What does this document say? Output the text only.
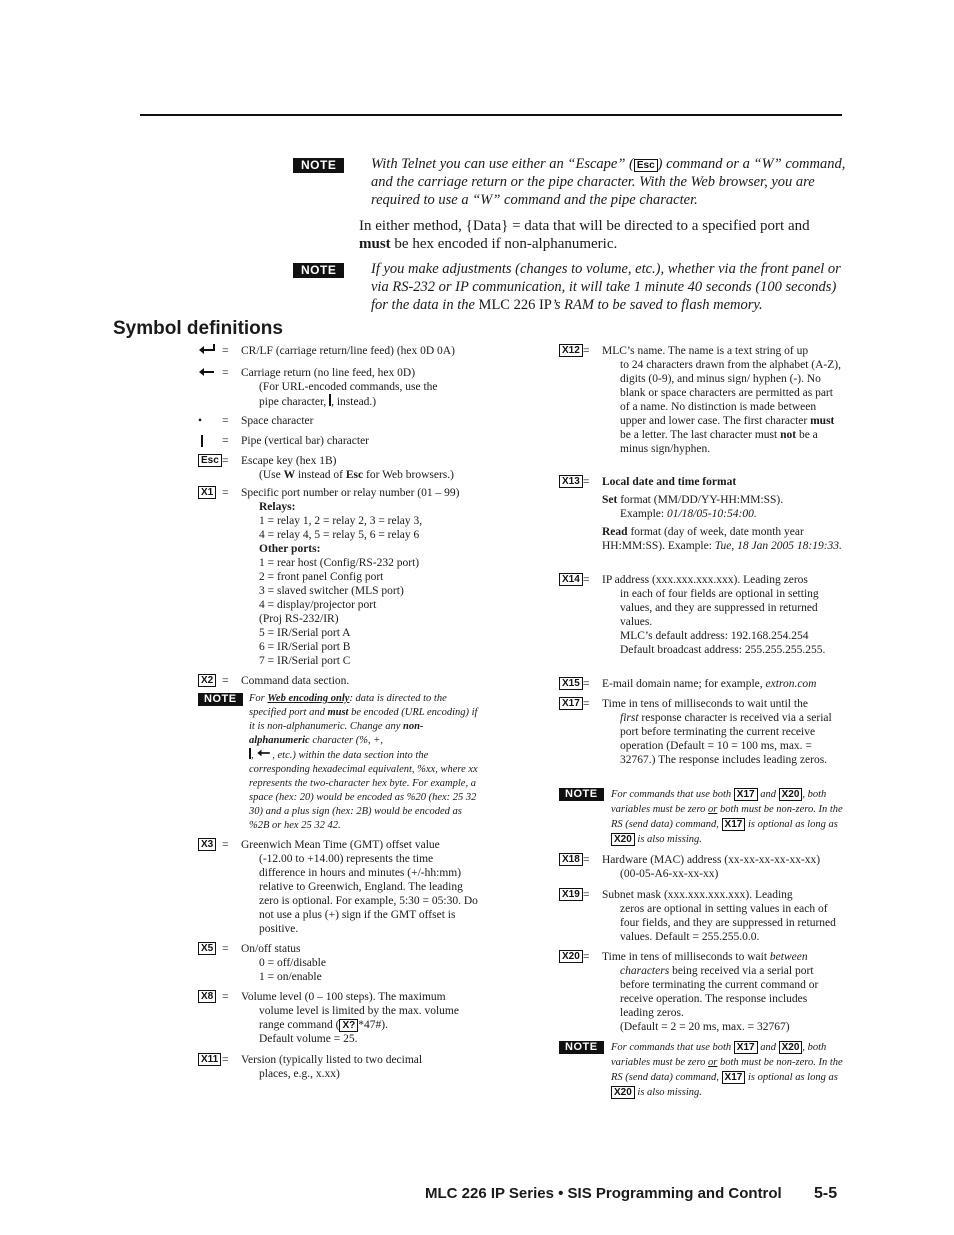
NOTE	With Telnet you can use either an “Escape” ( Esc ) command or a “W” command, and the carriage return or the pipe character. With the Web browser, you are required to use a “W” command and the pipe character.
In either method, {Data} = data that will be directed to a specified port and must be hex encoded if non-alphanumeric.
NOTE	If you make adjustments (changes to volume, etc.), whether via the front panel or via RS-232 or IP communication, it will take 1 minute 40 seconds (100 seconds) for the data in the MLC 226 IP’s RAM to be saved to flash memory.
Symbol definitions
= CR/LF (carriage return/line feed) (hex 0D 0A)
= Carriage return (no line feed, hex 0D)
(For URL-encoded commands, use the
pipe character, , instead.)
• = Space character
= Pipe (vertical bar) character
Esc = Escape key (hex 1B)
(Use W instead of Esc for Web browsers.)
X1 = Specific port number or relay number (01 – 99)
Relays:
1 = relay 1, 2 = relay 2, 3 = relay 3,
4 = relay 4, 5 = relay 5, 6 = relay 6
Other ports:
1 = rear host (Config/RS-232 port)
2 = front panel Config port
3 = slaved switcher (MLS port)
4 = display/projector port
(Proj RS-232/IR)
5 = IR/Serial port A
6 = IR/Serial port B
7 = IR/Serial port C
X2 = Command data section.
NOTE	For Web encoding only: data is directed to the specified port and must be encoded (URL encoding) if it is non-alphanumeric. Change any non-alphanumeric character (%, +,
, , etc.) within the data section into the corresponding hexadecimal equivalent, %xx, where xx represents the two-character hex byte. For example, a space (hex: 20) would be encoded as %20 (hex: 25 32 30) and a plus sign (hex: 2B) would be encoded as %2B or hex 25 32 42.
X3 = Greenwich Mean Time (GMT) offset value
(-12.00 to +14.00) represents the time difference in hours and minutes (+/-hh:mm) relative to Greenwich, England. The leading zero is optional. For example, 5:30 = 05:30. Do not use a plus (+) sign if the GMT offset is positive.
X5 = On/off status
0 = off/disable
1 = on/enable
X8 = Volume level (0 – 100 steps). The maximum
volume level is limited by the max. volume range command ( X? *47#).
Default volume = 25.
X11 = Version (typically listed to two decimal
places, e.g., x.xx)
X12 = MLC’s name. The name is a text string of up
to 24 characters drawn from the alphabet (A-Z), digits (0-9), and minus sign/ hyphen (-). No blank or space characters are permitted as part of a name. No distinction is made between upper and lower case. The first character must be a letter. The last character must not be a minus sign/hyphen.
X13 = Local date and time format
Set format (MM/DD/YY-HH:MM:SS).
Example: 01/18/05-10:54:00.
Read format (day of week, date month year HH:MM:SS). Example: Tue, 18 Jan 2005 18:19:33.
X14 = IP address (xxx.xxx.xxx.xxx). Leading zeros
in each of four fields are optional in setting values, and they are suppressed in returned values.
MLC’s default address: 192.168.254.254
Default broadcast address: 255.255.255.255.
X15 = E-mail domain name; for example, extron.com
X17 = Time in tens of milliseconds to wait until the
first response character is received via a serial port before terminating the current receive operation (Default = 10 = 100 ms, max. = 32767.) The response includes leading zeros.
NOTE	For commands that use both X17 and X20 , both variables must be zero or both must be non-zero. In the RS (send data) command, X17 is optional as long as X20 is also missing.
X18 = Hardware (MAC) address (xx-xx-xx-xx-xx-xx)
(00-05-A6-xx-xx-xx)
X19 = Subnet mask (xxx.xxx.xxx.xxx). Leading
zeros are optional in setting values in each of four fields, and they are suppressed in returned values. Default = 255.255.0.0.
X20 = Time in tens of milliseconds to wait between
characters being received via a serial port before terminating the current command or receive operation. The response includes leading zeros.
(Default = 2 = 20 ms, max. = 32767)
NOTE	For commands that use both X17 and X20 , both variables must be zero or both must be non-zero. In the RS (send data) command, X17 is optional as long as X20 is also missing.
MLC 226 IP Series • SIS Programming and Control 5-5
